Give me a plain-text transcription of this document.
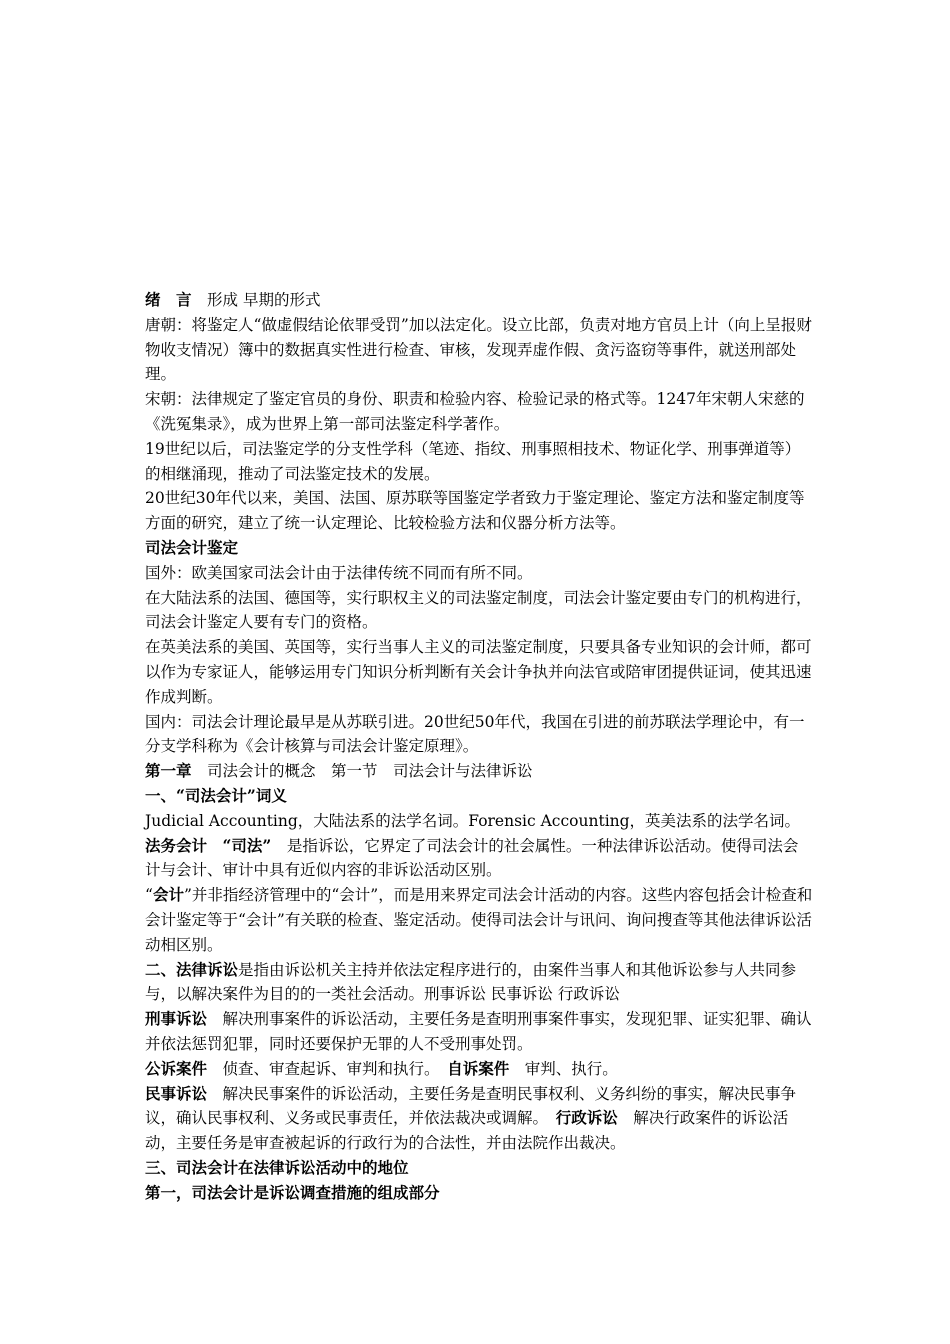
绪　言　形成 早期的形式

唐朝：将鉴定人“做虚假结论依罪受罚”加以法定化。设立比部，负责对地方官员上计（向上呈报财物收支情况）簿中的数据真实性进行检查、审核，发现弄虚作假、贪污盗窃等事件，就送刑部处理。

宋朝：法律规定了鉴定官员的身份、职责和检验内容、检验记录的格式等。1247年宋朝人宋慈的《洗冤集录》，成为世界上第一部司法鉴定科学著作。

19世纪以后，司法鉴定学的分支性学科（笔迹、指纹、刑事照相技术、物证化学、刑事弹道等）的相继涌现，推动了司法鉴定技术的发展。

20世纪30年代以来，美国、法国、原苏联等国鉴定学者致力于鉴定理论、鉴定方法和鉴定制度等方面的研究，建立了统一认定理论、比较检验方法和仪器分析方法等。

司法会计鉴定

国外：欧美国家司法会计由于法律传统不同而有所不同。

在大陆法系的法国、德国等，实行职权主义的司法鉴定制度，司法会计鉴定要由专门的机构进行，司法会计鉴定人要有专门的资格。

在英美法系的美国、英国等，实行当事人主义的司法鉴定制度，只要具备专业知识的会计师，都可以作为专家证人，能够运用专门知识分析判断有关会计争执并向法官或陪审团提供证词，使其迅速作成判断。

国内：司法会计理论最早是从苏联引进。20世纪50年代，我国在引进的前苏联法学理论中，有一分支学科称为《会计核算与司法会计鉴定原理》。

第一章　司法会计的概念　第一节　司法会计与法律诉讼

一、“司法会计”词义

Judicial Accounting，大陆法系的法学名词。Forensic Accounting，英美法系的法学名词。

法务会计　“司法”　是指诉讼，它界定了司法会计的社会属性。一种法律诉讼活动。使得司法会计与会计、审计中具有近似内容的非诉讼活动区别。

“会计”并非指经济管理中的“会计”，而是用来界定司法会计活动的内容。这些内容包括会计检查和会计鉴定等于“会计”有关联的检查、鉴定活动。使得司法会计与讯问、询问搜查等其他法律诉讼活动相区别。

二、法律诉讼是指由诉讼机关主持并依法定程序进行的，由案件当事人和其他诉讼参与人共同参与，以解决案件为目的的一类社会活动。刑事诉讼 民事诉讼 行政诉讼

刑事诉讼　解决刑事案件的诉讼活动，主要任务是查明刑事案件事实，发现犯罪、证实犯罪、确认并依法惩罚犯罪，同时还要保护无罪的人不受刑事处罚。

公诉案件　侦查、审查起诉、审判和执行。　自诉案件　审判、执行。

民事诉讼　解决民事案件的诉讼活动，主要任务是查明民事权利、义务纠纷的事实，解决民事争议，确认民事权利、义务或民事责任，并依法裁决或调解。　行政诉讼　解决行政案件的诉讼活动，主要任务是审查被起诉的行政行为的合法性，并由法院作出裁决。

三、司法会计在法律诉讼活动中的地位

第一，司法会计是诉讼调查措施的组成部分
